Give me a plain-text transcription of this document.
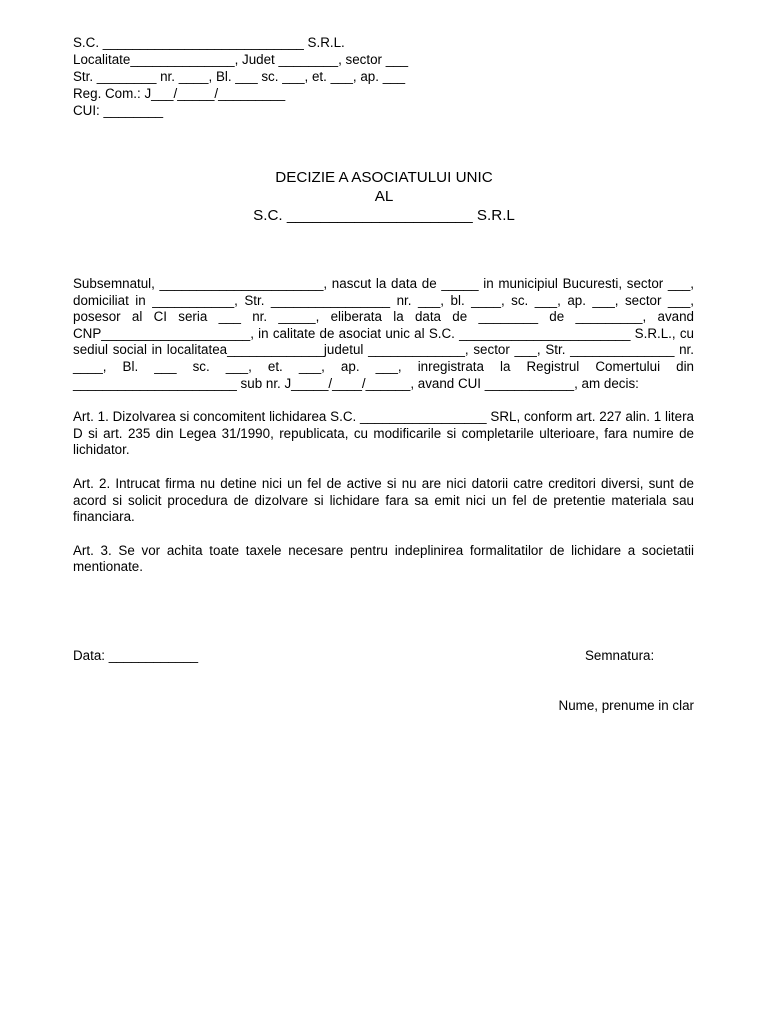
S.C. ___________________________ S.R.L.
Localitate______________, Judet ________, sector ___
Str. ________ nr. ____, Bl. ___ sc. ___, et. ___, ap. ___
Reg. Com.: J___/_____/_________
CUI: ________
DECIZIE A ASOCIATULUI UNIC
AL
S.C. ______________________ S.R.L

Subsemnatul, ______________________, nascut la data de _____ in municipiul Bucuresti, sector ___, domiciliat in ___________, Str. ________________ nr. ___, bl. ____, sc. ___, ap. ___, sector ___, posesor al CI seria ___ nr. _____, eliberata la data de ________ de _________, avand CNP____________________, in calitate de asociat unic al S.C. _______________________ S.R.L., cu sediul social in localitatea_____________judetul _____________, sector ___, Str. ______________ nr. ____, Bl. ___ sc. ___, et. ___, ap. ___, inregistrata la Registrul Comertului din ______________________ sub nr. J_____/____/______, avand CUI ____________, am decis:

Art. 1. Dizolvarea si concomitent lichidarea S.C. _________________ SRL, conform art. 227 alin. 1 litera D si art. 235 din Legea 31/1990, republicata, cu modificarile si completarile ulterioare, fara numire de lichidator.

Art. 2. Intrucat firma nu detine nici un fel de active si nu are nici datorii catre creditori diversi, sunt de acord si solicit procedura de dizolvare si lichidare fara sa emit nici un fel de pretentie materiala sau financiara.

Art. 3. Se vor achita toate taxele necesare pentru indeplinirea formalitatilor de lichidare a societatii mentionate.

Data: ____________	Semnatura:
Nume, prenume in clar
